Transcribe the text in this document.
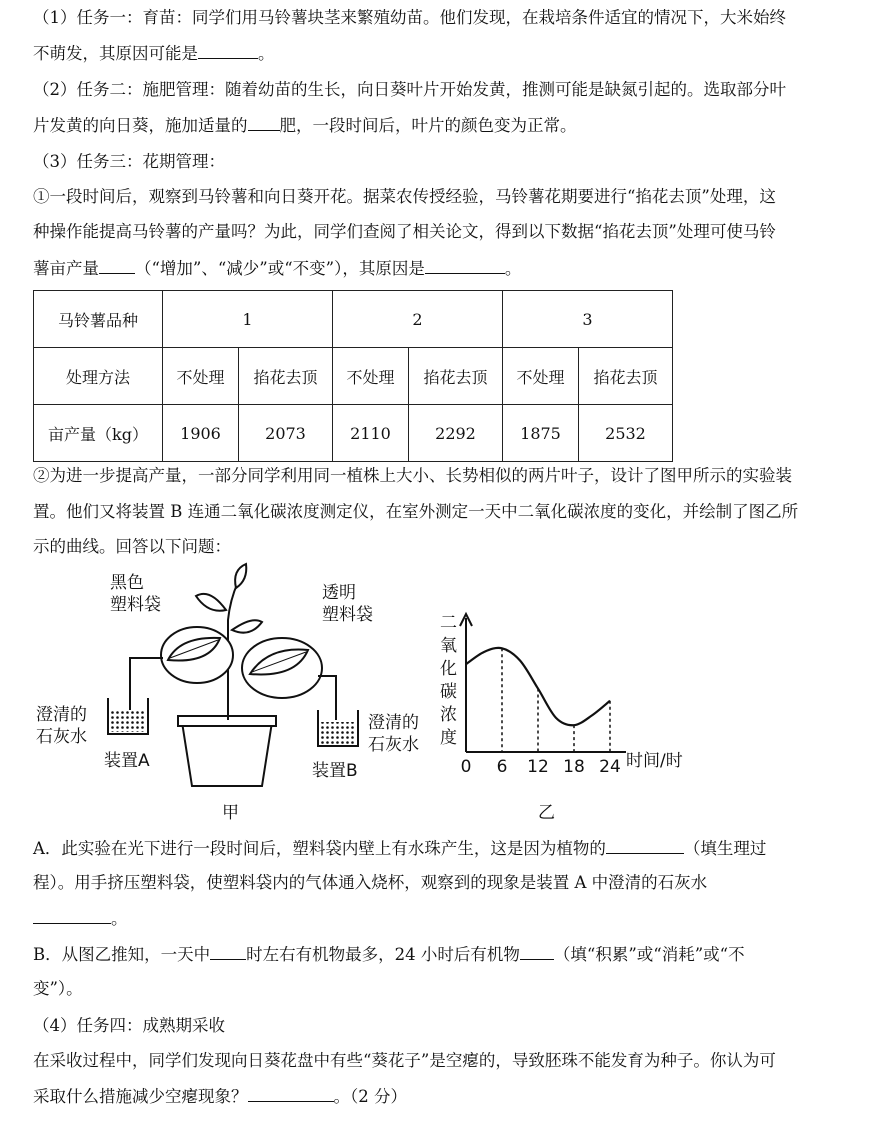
（1）任务一：育苗：同学们用马铃薯块茎来繁殖幼苗。他们发现，在栽培条件适宜的情况下，大米始终
不萌发，其原因可能是	。
（2）任务二：施肥管理：随着幼苗的生长，向日葵叶片开始发黄，推测可能是缺氮引起的。选取部分叶
片发黄的向日葵，施加适量的 肥，一段时间后，叶片的颜色变为正常。
（3）任务三：花期管理：
①一段时间后，观察到马铃薯和向日葵开花。据菜农传授经验，马铃薯花期要进行“掐花去顶”处理，这
种操作能提高马铃薯的产量吗？为此，同学们查阅了相关论文，得到以下数据“掐花去顶”处理可使马铃
薯亩产量 （“增加”、“减少”或“不变”），其原因是	。
马铃薯品种	1		2		3	
处理方法	不处理	掐花去顶	不处理	掐花去顶	不处理	掐花去顶
亩产量（kg）	1906	2073	2110	2292	1875	2532
②为进一步提高产量，一部分同学利用同一植株上大小、长势相似的两片叶子，设计了图甲所示的实验装
置。他们又将装置 B 连通二氧化碳浓度测定仪，在室外测定一天中二氧化碳浓度的变化，并绘制了图乙所
示的曲线。回答以下问题：
黑色
塑料袋
透明
塑料袋
澄清的
石灰水
装置A
澄清的
石灰水
装置B
甲	乙
二
氧
化
碳
浓
度
0 6 12 18 24 时间/时
A．此实验在光下进行一段时间后，塑料袋内壁上有水珠产生，这是因为植物的	（填生理过
程）。用手挤压塑料袋，使塑料袋内的气体通入烧杯，观察到的现象是装置 A 中澄清的石灰水
。
B．从图乙推知，一天中 时左右有机物最多，24 小时后有机物 （填“积累”或“消耗”或“不
变”）。
（4）任务四：成熟期采收
在采收过程中，同学们发现向日葵花盘中有些“葵花子”是空瘪的，导致胚珠不能发育为种子。你认为可
采取什么措施减少空瘪现象？	。（2 分）
